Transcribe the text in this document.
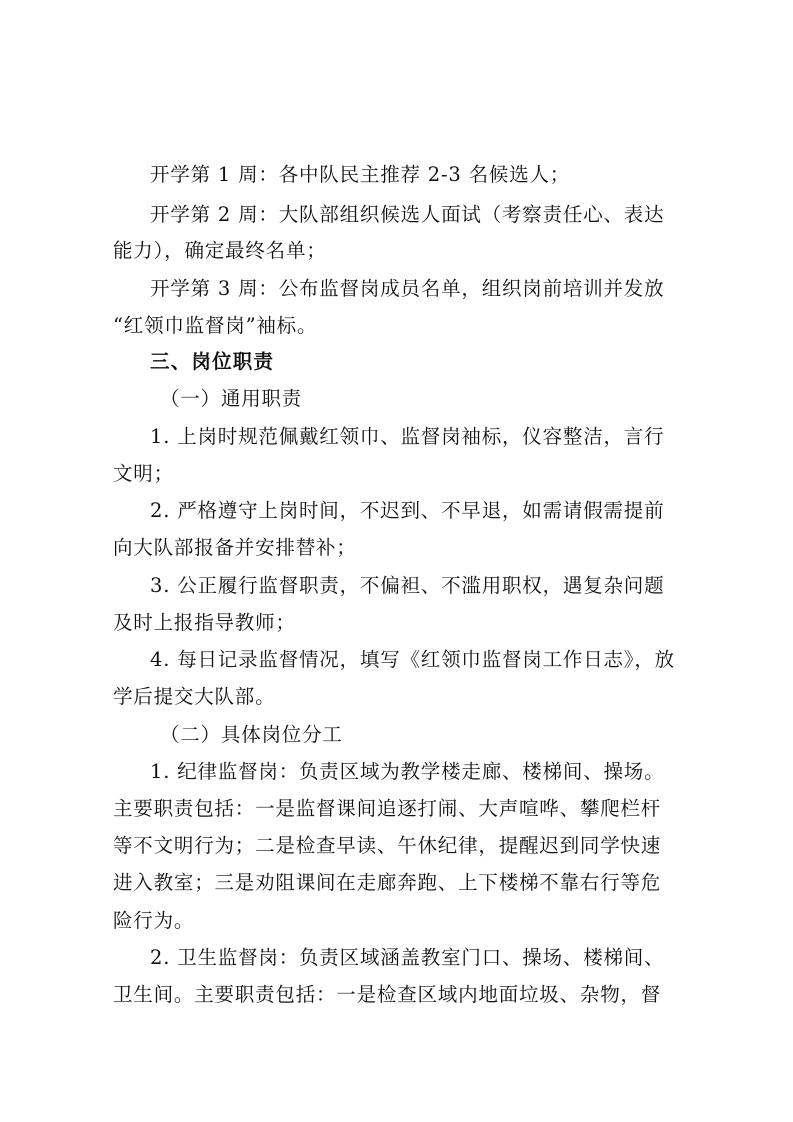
开学第 1 周：各中队民主推荐 2-3 名候选人；
开学第 2 周：大队部组织候选人面试（考察责任心、表达
能力），确定最终名单；
开学第 3 周：公布监督岗成员名单，组织岗前培训并发放
“红领巾监督岗”袖标。
三、岗位职责
（一）通用职责
1. 上岗时规范佩戴红领巾、监督岗袖标，仪容整洁，言行
文明；
2. 严格遵守上岗时间，不迟到、不早退，如需请假需提前
向大队部报备并安排替补；
3. 公正履行监督职责，不偏袒、不滥用职权，遇复杂问题
及时上报指导教师；
4. 每日记录监督情况，填写《红领巾监督岗工作日志》，放
学后提交大队部。
（二）具体岗位分工
1. 纪律监督岗：负责区域为教学楼走廊、楼梯间、操场。
主要职责包括：一是监督课间追逐打闹、大声喧哗、攀爬栏杆
等不文明行为；二是检查早读、午休纪律，提醒迟到同学快速
进入教室；三是劝阻课间在走廊奔跑、上下楼梯不靠右行等危
险行为。
2. 卫生监督岗：负责区域涵盖教室门口、操场、楼梯间、
卫生间。主要职责包括：一是检查区域内地面垃圾、杂物，督
